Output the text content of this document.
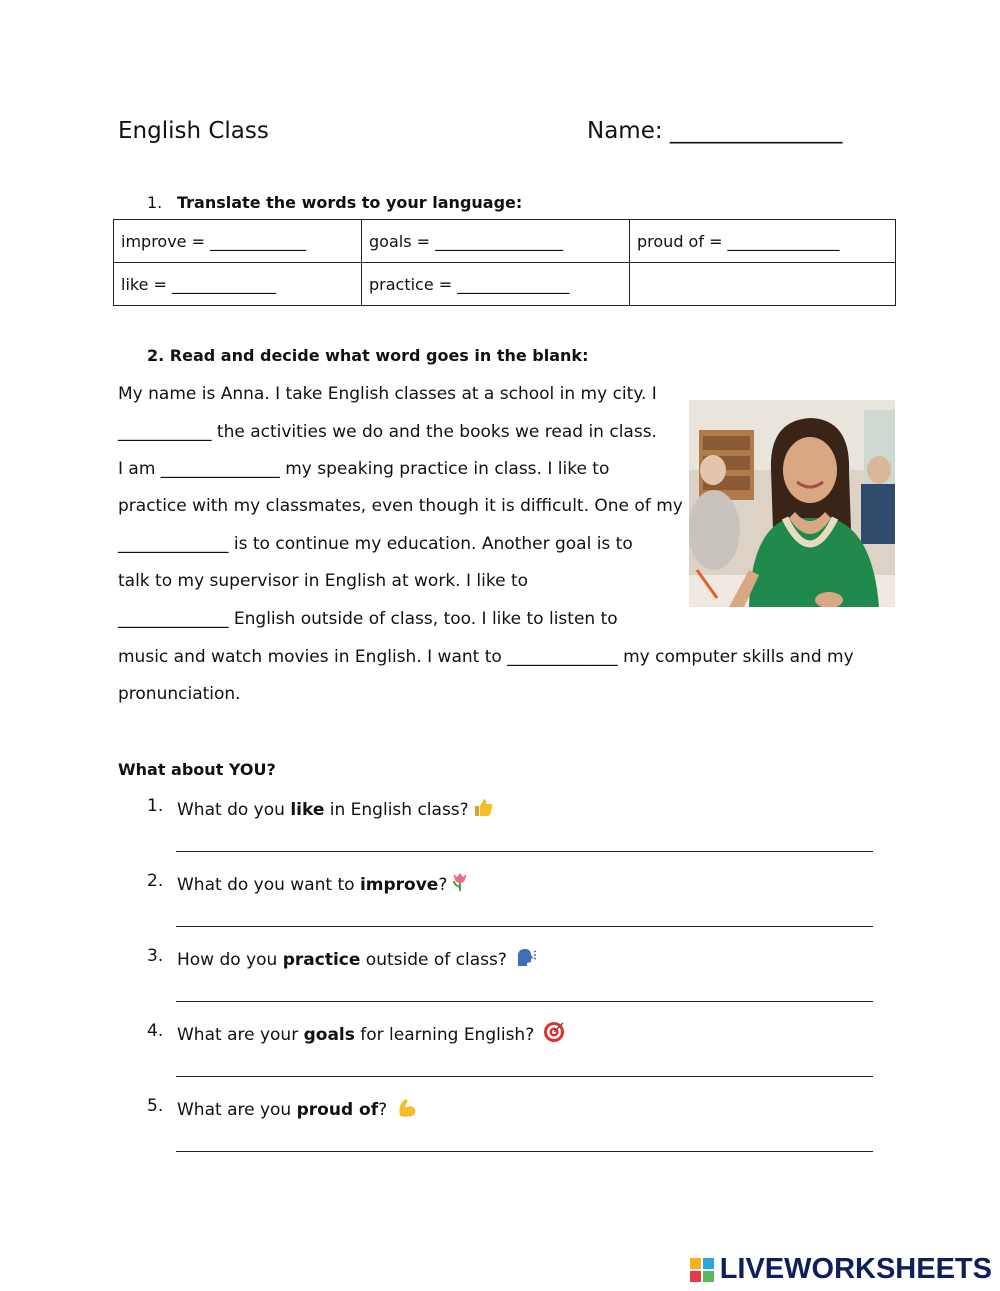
English Class	Name: _______________
1. Translate the words to your language:
improve = ____________	goals = ________________	proud of = ______________
like = _____________	practice = ______________	
2. Read and decide what word goes in the blank:
My name is Anna. I take English classes at a school in my city. I
___________ the activities we do and the books we read in class.
I am ______________ my speaking practice in class. I like to
practice with my classmates, even though it is difficult. One of my
_____________ is to continue my education. Another goal is to
talk to my supervisor in English at work. I like to
_____________ English outside of class, too. I like to listen to
music and watch movies in English. I want to _____________ my computer skills and my
pronunciation.
What about YOU?
1. What do you like in English class?
2. What do you want to improve?
3. How do you practice outside of class?
4. What are your goals for learning English?
5. What are you proud of?
LIVEWORKSHEETS
